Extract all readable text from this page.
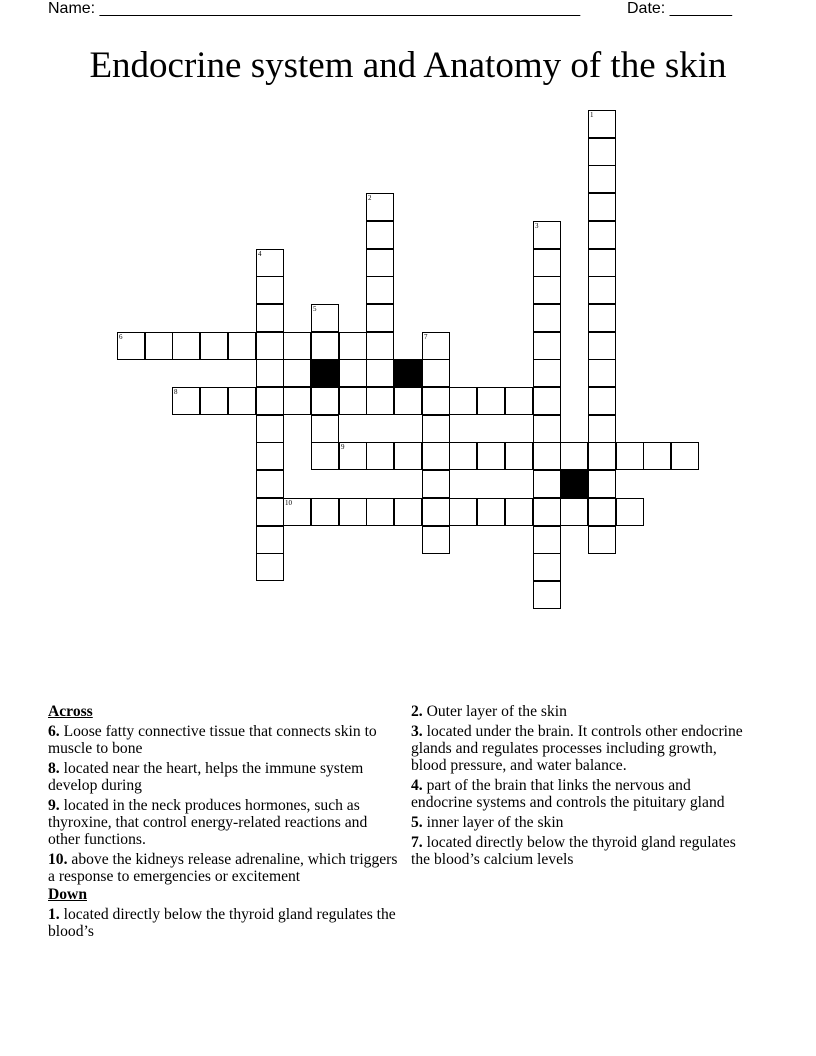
Name: ______________________________________________________	Date: _______
Endocrine system and Anatomy of the skin
1
2
3
4
5
6	7
8
9
10
Across
6. Loose fatty connective tissue that connects skin to muscle to bone
8. located near the heart, helps the immune system develop during
9. located in the neck produces hormones, such as thyroxine, that control energy-related reactions and other functions.
10. above the kidneys release adrenaline, which triggers a response to emergencies or excitement
Down
1. located directly below the thyroid gland regulates the blood’s
2. Outer layer of the skin
3. located under the brain. It controls other endocrine glands and regulates processes including growth, blood pressure, and water balance.
4. part of the brain that links the nervous and endocrine systems and controls the pituitary gland
5. inner layer of the skin
7. located directly below the thyroid gland regulates the blood’s calcium levels
